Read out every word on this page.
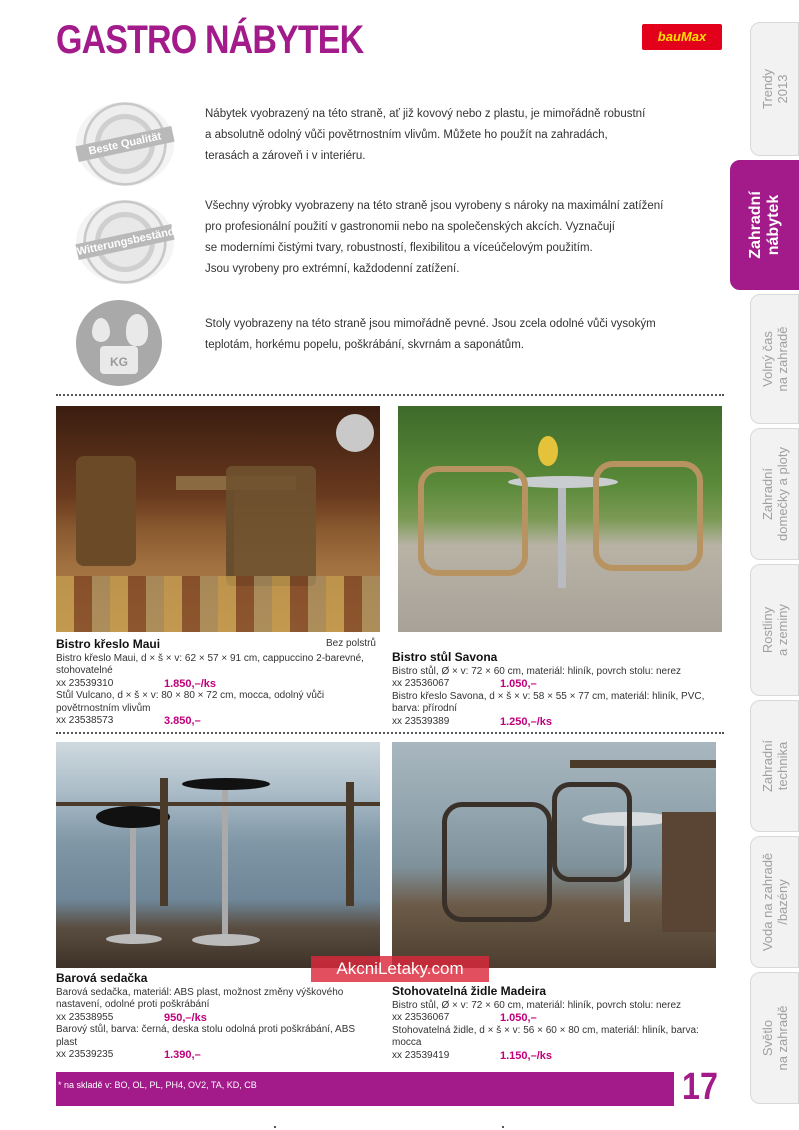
GASTRO NÁBYTEK	bauMax
Beste Qualität
Witterungsbeständig
KG
Nábytek vyobrazený na této straně, ať již kovový nebo z plastu, je mimořádně robustní
a absolutně odolný vůči povětrnostním vlivům. Můžete ho použít na zahradách,
terasách a zároveň i v interiéru.
Všechny výrobky vyobrazeny na této straně jsou vyrobeny s nároky na maximální zatížení
pro profesionální použití v gastronomii nebo na společenských akcích. Vyznačují
se moderními čistými tvary, robustností, flexibilitou a víceúčelovým použitím.
Jsou vyrobeny pro extrémní, každodenní zatížení.
Stoly vyobrazeny na této straně jsou mimořádně pevné. Jsou zcela odolné vůči vysokým
teplotám, horkému popelu, poškrábání, skvrnám a saponátům.
Bistro křeslo Maui	Bez polstrů
Bistro křeslo Maui, d × š × v: 62 × 57 × 91 cm, cappuccino 2-barevné, stohovatelné
xx 23539310	1.850,–/ks
Stůl Vulcano, d × š × v: 80 × 80 × 72 cm, mocca, odolný vůči povětrnostním vlivům
xx 23538573	3.850,–
Bistro stůl Savona
Bistro stůl, Ø × v: 72 × 60 cm, materiál: hliník, povrch stolu: nerez
xx 23536067	1.050,–
Bistro křeslo Savona, d × š × v: 58 × 55 × 77 cm, materiál: hliník, PVC, barva: přírodní
xx 23539389	1.250,–/ks
Barová sedačka
Barová sedačka, materiál: ABS plast, možnost změny výškového nastavení, odolné proti poškrábání
xx 23538955	950,–/ks
Barový stůl, barva: černá, deska stolu odolná proti poškrábání, ABS plast
xx 23539235	1.390,–
Stohovatelná židle Madeira
Bistro stůl, Ø × v: 72 × 60 cm, materiál: hliník, povrch stolu: nerez
xx 23536067	1.050,–
Stohovatelná židle, d × š × v: 56 × 60 × 80 cm, materiál: hliník, barva: mocca
xx 23539419	1.150,–/ks
AkcniLetaky.com
* na skladě v: BO, OL, PL, PH4, OV2, TA, KD, CB	17
Trendy 2013
Zahradní nábytek
Volný čas na zahradě
Zahradní domečky a ploty
Rostliny a zeminy
Zahradní technika
Voda na zahradě /bazény
Světlo na zahradě
